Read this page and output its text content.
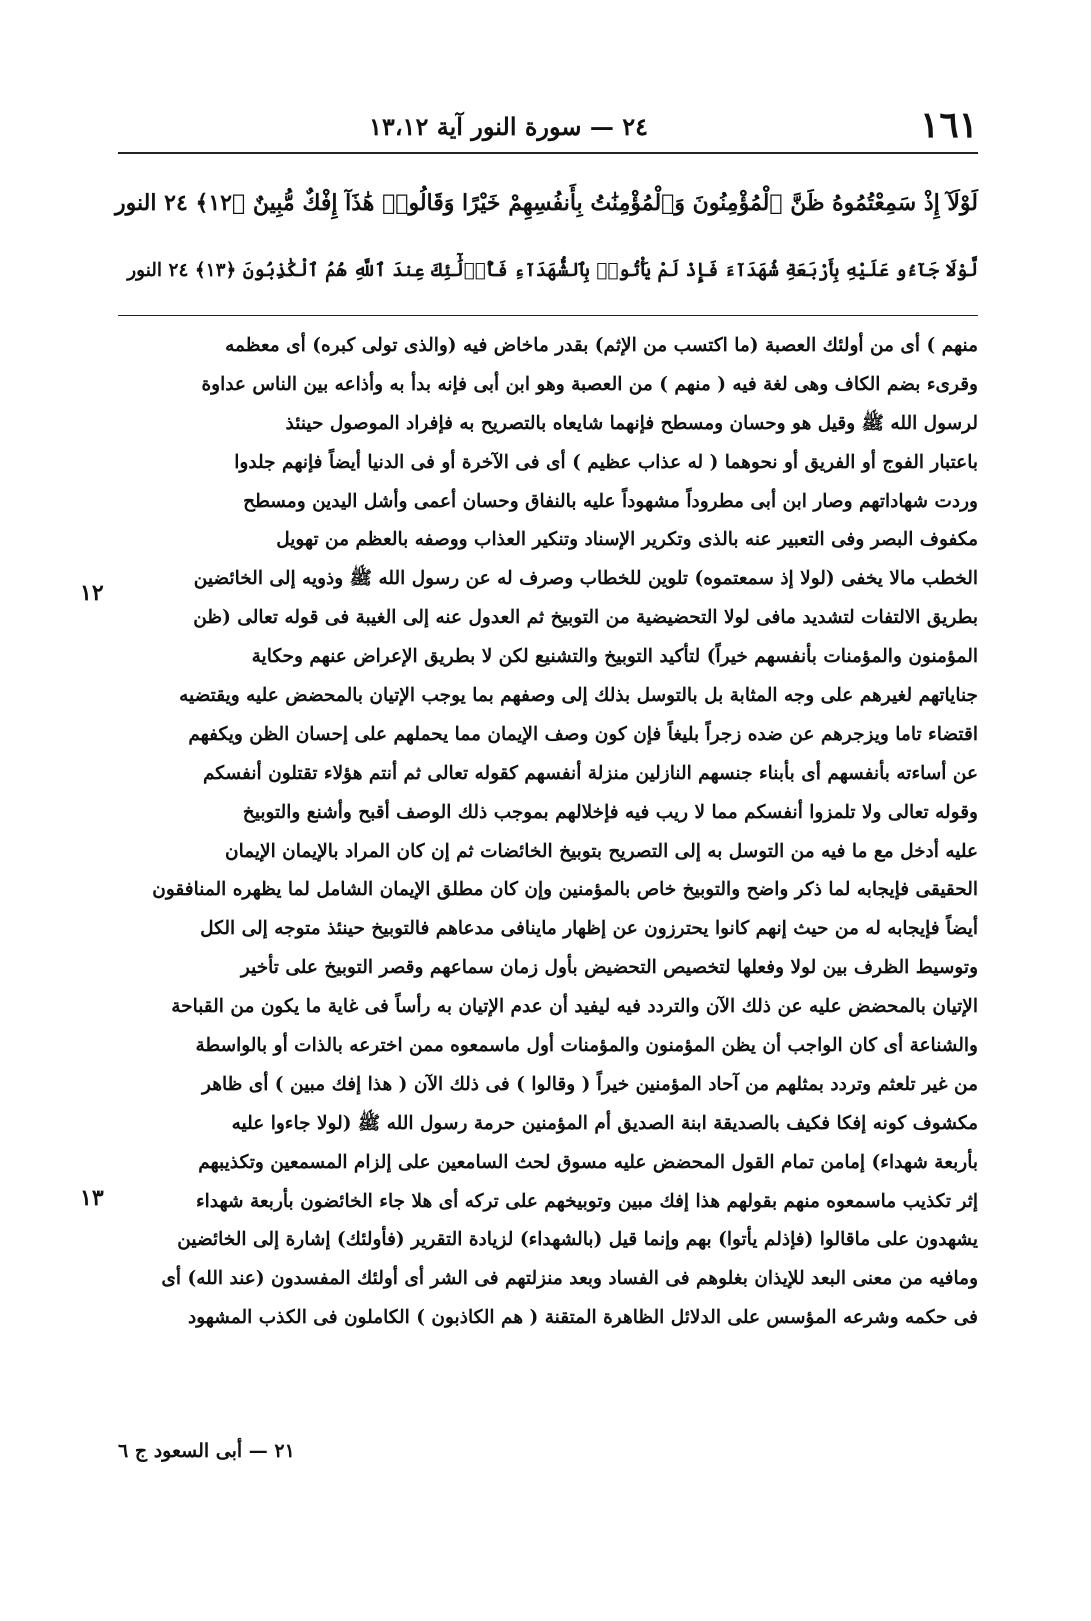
١٦١
٢٤ — سورة النور آية ١٣،١٢
لَوْلَآ إِذْ سَمِعْتُمُوهُ ظَنَّ ٱلْمُؤْمِنُونَ وَٱلْمُؤْمِنَٰتُ بِأَنفُسِهِمْ خَيْرًا وَقَالُوا۟ هَٰذَآ إِفْكٌ مُّبِينٌ ﴿١٢﴾ ٢٤ النور
لَّوْلَا جَآءُو عَلَيْهِ بِأَرْبَعَةِ شُهَدَآءَ فَإِذْ لَمْ يَأْتُوا۟ بِٱلشُّهَدَآءِ فَأُو۟لَٰٓئِكَ عِندَ ٱللَّهِ هُمُ ٱلْكَٰذِبُونَ ﴿١٣﴾ ٢٤ النور
منهم ) أى من أولئك العصبة (ما اكتسب من الإثم) بقدر ماخاض فيه (والذى تولى كبره) أى معظمه
وقرىء بضم الكاف وهى لغة فيه ( منهم ) من العصبة وهو ابن أبى فإنه بدأ به وأذاعه بين الناس عداوة
لرسول الله ﷺ وقيل هو وحسان ومسطح فإنهما شايعاه بالتصريح به فإفراد الموصول حينئذ
باعتبار الفوج أو الفريق أو نحوهما ( له عذاب عظيم ) أى فى الآخرة أو فى الدنيا أيضاً فإنهم جلدوا
وردت شهاداتهم وصار ابن أبى مطروداً مشهوداً عليه بالنفاق وحسان أعمى وأشل اليدين ومسطح
مكفوف البصر وفى التعبير عنه بالذى وتكرير الإسناد وتنكير العذاب ووصفه بالعظم من تهويل
الخطب مالا يخفى (لولا إذ سمعتموه) تلوين للخطاب وصرف له عن رسول الله ﷺ وذويه إلى الخائضين
بطريق الالتفات لتشديد مافى لولا التحضيضية من التوبيخ ثم العدول عنه إلى الغيبة فى قوله تعالى (ظن
المؤمنون والمؤمنات بأنفسهم خيراً) لتأكيد التوبيخ والتشنيع لكن لا بطريق الإعراض عنهم وحكاية
جناياتهم لغيرهم على وجه المثابة بل بالتوسل بذلك إلى وصفهم بما يوجب الإتيان بالمحضض عليه ويقتضيه
اقتضاء تاما ويزجرهم عن ضده زجراً بليغاً فإن كون وصف الإيمان مما يحملهم على إحسان الظن ويكفهم
عن أساءته بأنفسهم أى بأبناء جنسهم النازلين منزلة أنفسهم كقوله تعالى ثم أنتم هؤلاء تقتلون أنفسكم
وقوله تعالى ولا تلمزوا أنفسكم مما لا ريب فيه فإخلالهم بموجب ذلك الوصف أقبح وأشنع والتوبيخ
عليه أدخل مع ما فيه من التوسل به إلى التصريح بتوبيخ الخائضات ثم إن كان المراد بالإيمان الإيمان
الحقيقى فإيجابه لما ذكر واضح والتوبيخ خاص بالمؤمنين وإن كان مطلق الإيمان الشامل لما يظهره المنافقون
أيضاً فإيجابه له من حيث إنهم كانوا يحترزون عن إظهار ماينافى مدعاهم فالتوبيخ حينئذ متوجه إلى الكل
وتوسيط الظرف بين لولا وفعلها لتخصيص التحضيض بأول زمان سماعهم وقصر التوبيخ على تأخير
الإتيان بالمحضض عليه عن ذلك الآن والتردد فيه ليفيد أن عدم الإتيان به رأساً فى غاية ما يكون من القباحة
والشناعة أى كان الواجب أن يظن المؤمنون والمؤمنات أول ماسمعوه ممن اخترعه بالذات أو بالواسطة
من غير تلعثم وتردد بمثلهم من آحاد المؤمنين خيراً ( وقالوا ) فى ذلك الآن ( هذا إفك مبين ) أى ظاهر
مكشوف كونه إفكا فكيف بالصديقة ابنة الصديق أم المؤمنين حرمة رسول الله ﷺ (لولا جاءوا عليه
بأربعة شهداء) إمامن تمام القول المحضض عليه مسوق لحث السامعين على إلزام المسمعين وتكذيبهم
إثر تكذيب ماسمعوه منهم بقولهم هذا إفك مبين وتوبيخهم على تركه أى هلا جاء الخائضون بأربعة شهداء
يشهدون على ماقالوا (فإذلم يأتوا) بهم وإنما قيل (بالشهداء) لزيادة التقرير (فأولئك) إشارة إلى الخائضين
ومافيه من معنى البعد للإيذان بغلوهم فى الفساد وبعد منزلتهم فى الشر أى أولئك المفسدون (عند الله) أى
فى حكمه وشرعه المؤسس على الدلائل الظاهرة المتقنة ( هم الكاذبون ) الكاملون فى الكذب المشهود
١٢
١٣
٢١ — أبى السعود ج ٦
